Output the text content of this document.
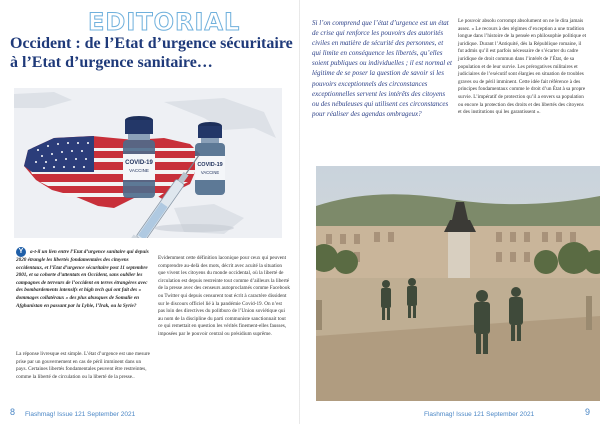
EDITORIAL
Occident : de l’Etat d’urgence sécuritaire à l’Etat d’urgence sanitaire…
COVID-19
VACCINE
COVID-19
VACCINE
Y a-t-il un lien entre l’Etat d’urgence sanitaire qui depuis 2020 étrangle les libertés fondamentales des citoyens occidentaux, et l’Etat d’urgence sécuritaire post 11 septembre 2001, et sa cohorte d’attentats en Occident, sans oublier les campagnes de terreurs de l’occident en terres étrangères avec des bombardements intensifs et high tech qui ont fait des « dommages collatéraux » des plus abusques de Somalie en Afghanistan en passant par la Lybie, l’Irak, ou la Syrie?
La réponse livresque est simple. L’état d’urgence est une mesure prise par un gouvernement en cas de péril imminent dans un pays. Certaines libertés fondamentales peuvent être restreintes, comme la liberté de circulation ou la liberté de la presse..
Evidemment cette définition laconique pour ceux qui peuvent comprendre au-delà des mots, décrit avec acuité la situation que vivent les citoyens du monde occidental, où la liberté de circulation est depuis restreinte tout comme d’ailleurs la liberté de la presse avec des censeurs autoproclamés comme Facebook ou Twitter qui depuis censurent tout écrit à caractère dissident sur le discours officiel lié à la pandémie Covid-19. On n’est pas loin des directives du politburo de l’Union soviétique qui au nom de la discipline du parti communiste sanctionnait tout ce qui remettait en question les vérités finement-elles fausses, imposées par le pouvoir central ou présidium suprême.
8 Flashmag! Issue 121 September 2021
Si l’on comprend que l’état d’urgence est un état de crise qui renforce les pouvoirs des autorités civiles en matière de sécurité des personnes, et qui limite en conséquence les libertés, qu’elles soient publiques ou individuelles ; il est normal et légitime de se poser la question de savoir si les pouvoirs exceptionnels des circonstances exceptionnelles servent les intérêts des citoyens ou des nébuleuses qui utilisent ces circonstances pour réaliser des agendas ombrageux?
Le pouvoir absolu corrompt absolument on ne le dira jamais assez. « Le recours à des régimes d’exception a une tradition longue dans l’histoire de la pensée en philosophie politique et juridique. Durant l’Antiquité, dès la République romaine, il fut admis qu’il est parfois nécessaire de s’écarter du cadre juridique de droit commun dans l’intérêt de l’État, de sa population et de leur survie. Les prérogatives militaires et judiciaires de l’exécutif sont élargies en situation de troubles graves ou de péril imminent. Cette idée fait référence à des principes fondamentaux comme le droit d’un État à sa propre survie. L’impératif de protection qu’il a envers sa population ou encore la protection des droits et des libertés des citoyens et des institutions qui les garantissent ».
Flashmag! Issue 121 September 2021	9
